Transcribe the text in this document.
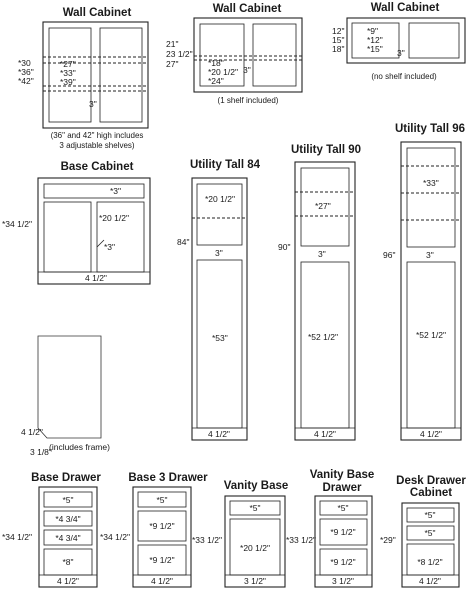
Wall Cabinet
*30
*36"
*42"
*27"
*33"
*39"
3"
(36" and 42" high includes
3 adjustable shelves)
Wall Cabinet
21"
23 1/2"
27"	*18"
*20 1/2"
*24"
3"
(1 shelf included)
Wall Cabinet
12"
15"
18"
*9"
*12"
*15" 3"
(no shelf included)
Base Cabinet
*3"
*20 1/2"
*3"
*34 1/2"
4 1/2"
4 1/2"
(includes frame)
3 1/8"
Utility Tall 84
*20 1/2"
3"
*53"
84"
4 1/2"
Utility Tall 90
*27"
3"
*52 1/2"
90"
4 1/2"
Utility Tall 96
*33"
3"
*52 1/2"
96"
4 1/2"
Base Drawer
*5"
*4 3/4"
*4 3/4"
*8"
*34 1/2"
4 1/2"
Base 3 Drawer
*5"
*9 1/2"
*9 1/2"
*34 1/2"
4 1/2"
Vanity Base
*5"
*20 1/2"
*33 1/2"
3 1/2"
Vanity Base
Drawer
*5"
*9 1/2"
*9 1/2"
*33 1/2"
3 1/2"
Desk Drawer
Cabinet
*5"
*5"
*8 1/2"
*29"
4 1/2"
